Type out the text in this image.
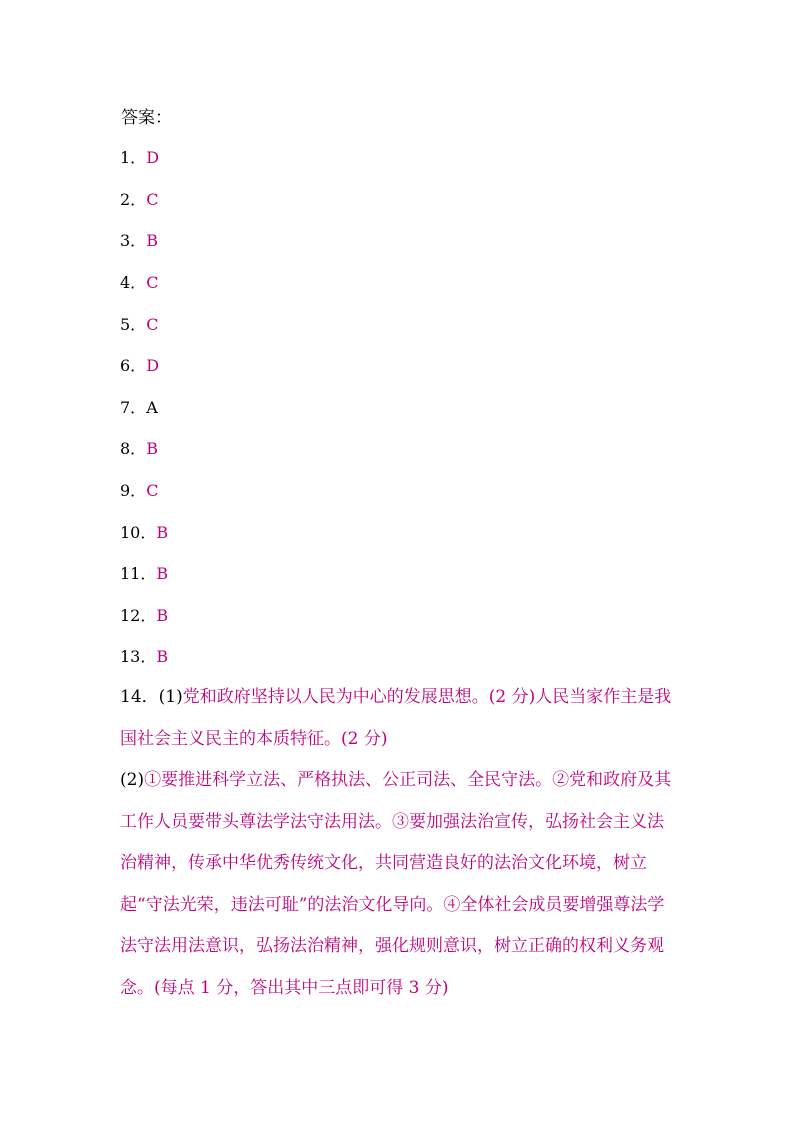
答案：
1．D
2．C
3．B
4．C
5．C
6．D
7．A
8．B
9．C
10．B
11．B
12．B
13．B
14．(1)党和政府坚持以人民为中心的发展思想。(2 分)人民当家作主是我国社会主义民主的本质特征。(2 分)
(2)①要推进科学立法、严格执法、公正司法、全民守法。②党和政府及其工作人员要带头尊法学法守法用法。③要加强法治宣传，弘扬社会主义法治精神，传承中华优秀传统文化，共同营造良好的法治文化环境，树立起“守法光荣，违法可耻”的法治文化导向。④全体社会成员要增强尊法学法守法用法意识，弘扬法治精神，强化规则意识，树立正确的权利义务观念。(每点 1 分，答出其中三点即可得 3 分)
